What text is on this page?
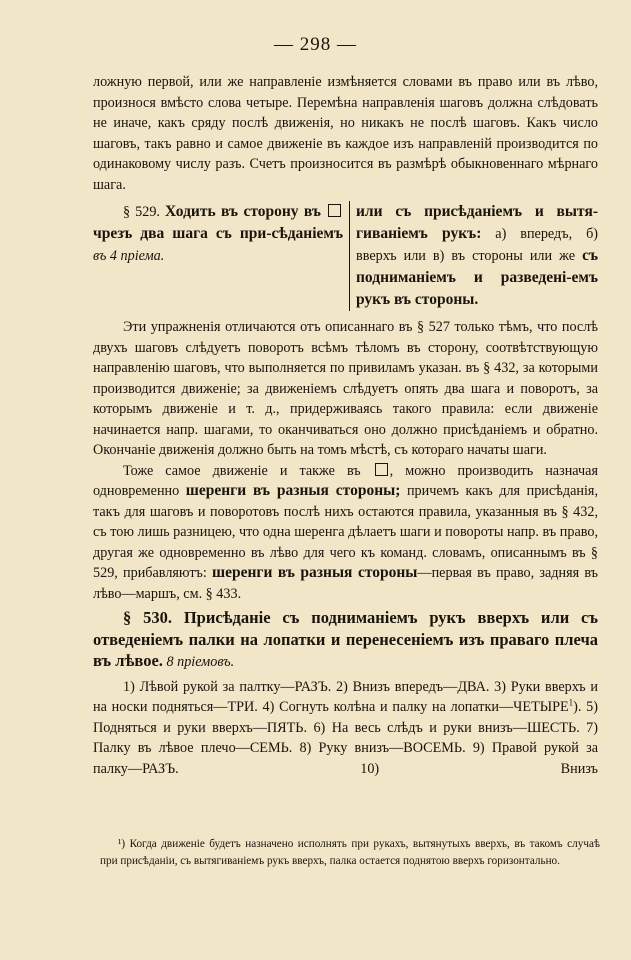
— 298 —

ложную первой, или же направленіе измѣняется словами въ право или въ лѣво, произнося вмѣсто слова четыре. Перемѣна направленія шаговъ должна слѣдовать не иначе, какъ сряду послѣ движенія, но никакъ не послѣ шаговъ. Какъ число шаговъ, такъ равно и самое движеніе въ каждое изъ направленій производится по одинаковому числу разъ. Счетъ произносится въ размѣрѣ обыкновеннаго мѣрнаго шага.

§ 529. Ходить въ сторону въ  чрезъ два шага съ при-сѣданіемъ въ 4 пріема.

или съ присѣданіемъ и вытя-гиваніемъ рукъ: а) впередъ, б) вверхъ или в) въ стороны или же съ подниманіемъ и разведені-емъ рукъ въ стороны.

Эти упражненія отличаются отъ описаннаго въ § 527 только тѣмъ, что послѣ двухъ шаговъ слѣдуетъ поворотъ всѣмъ тѣломъ въ сторону, соотвѣтствующую направленію шаговъ, что выполняется по привиламъ указан. въ § 432, за которыми производится движеніе; за движеніемъ слѣдуетъ опять два шага и поворотъ, за которымъ движеніе и т. д., придерживаясь такого правила: если движеніе начинается напр. шагами, то оканчиваться оно должно присѣданіемъ и обратно. Окончаніе движенія должно быть на томъ мѣстѣ, съ котораго начаты шаги.

Тоже самое движеніе и также въ , можно производить назначая одновременно шеренги въ разныя стороны; причемъ какъ для присѣданія, такъ для шаговъ и поворотовъ послѣ нихъ остаются правила, указанныя въ § 432, съ тою лишь разницею, что одна шеренга дѣлаетъ шаги и повороты напр. въ право, другая же одновременно въ лѣво для чего къ команд. словамъ, описаннымъ въ § 529, прибавляютъ: шеренги въ разныя стороны—первая въ право, задняя въ лѣво—маршъ, см. § 433.

§ 530. Присѣданіе съ подниманіемъ рукъ вверхъ или съ отведеніемъ палки на лопатки и перенесеніемъ изъ праваго плеча въ лѣвое. 8 пріемовъ.

1) Лѣвой рукой за палтку—РАЗЪ. 2) Внизъ впередъ—ДВА. 3) Руки вверхъ и на носки подняться—ТРИ. 4) Согнуть колѣна и палку на лопатки—ЧЕТЫРЕ$^1$). 5) Подняться и руки вверхъ—ПЯТЬ. 6) На весь слѣдъ и руки внизъ—ШЕСТЬ. 7) Палку въ лѣвое плечо—СЕМЬ. 8) Руку внизъ—ВОСЕМЬ. 9) Правой рукой за палку—РАЗЪ. 10) Внизъ

¹) Когда движеніе будетъ назначено исполнять при рукахъ, вытянутыхъ вверхъ, въ такомъ случаѣ при присѣданіи, съ вытягиваніемъ рукъ вверхъ, палка остается поднятою вверхъ горизонтально.
